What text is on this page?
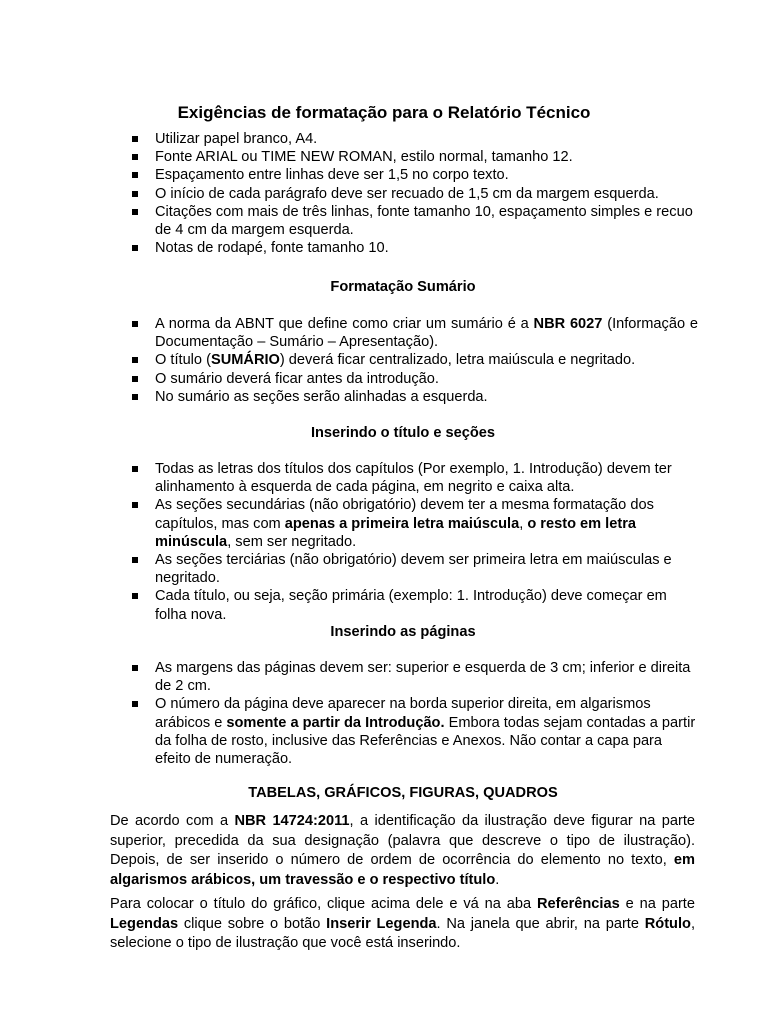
Exigências de formatação para o Relatório Técnico
Utilizar papel branco, A4.
Fonte ARIAL ou TIME NEW ROMAN, estilo normal, tamanho 12.
Espaçamento entre linhas deve ser 1,5 no corpo texto.
O início de cada parágrafo deve ser recuado de 1,5 cm da margem esquerda.
Citações com mais de três linhas, fonte tamanho 10, espaçamento simples e recuo de 4 cm da margem esquerda.
Notas de rodapé, fonte tamanho 10.
Formatação Sumário
A norma da ABNT que define como criar um sumário é a NBR 6027 (Informação e Documentação – Sumário – Apresentação).
O título (SUMÁRIO) deverá ficar centralizado, letra maiúscula e negritado.
O sumário deverá ficar antes da introdução.
No sumário as seções serão alinhadas a esquerda.
Inserindo o título e seções
Todas as letras dos títulos dos capítulos (Por exemplo, 1. Introdução) devem ter alinhamento à esquerda de cada página, em negrito e caixa alta.
As seções secundárias (não obrigatório) devem ter a mesma formatação dos capítulos, mas com apenas a primeira letra maiúscula, o resto em letra minúscula, sem ser negritado.
As seções terciárias (não obrigatório) devem ser primeira letra em maiúsculas e negritado.
Cada título, ou seja, seção primária (exemplo: 1. Introdução) deve começar em folha nova.
Inserindo as páginas
As margens das páginas devem ser: superior e esquerda de 3 cm; inferior e direita de 2 cm.
O número da página deve aparecer na borda superior direita, em algarismos arábicos e somente a partir da Introdução. Embora todas sejam contadas a partir da folha de rosto, inclusive das Referências e Anexos. Não contar a capa para efeito de numeração.
TABELAS, GRÁFICOS, FIGURAS, QUADROS

De acordo com a NBR 14724:2011, a identificação da ilustração deve figurar na parte superior, precedida da sua designação (palavra que descreve o tipo de ilustração). Depois, de ser inserido o número de ordem de ocorrência do elemento no texto, em algarismos arábicos, um travessão e o respectivo título.

Para colocar o título do gráfico, clique acima dele e vá na aba Referências e na parte Legendas clique sobre o botão Inserir Legenda. Na janela que abrir, na parte Rótulo, selecione o tipo de ilustração que você está inserindo.
